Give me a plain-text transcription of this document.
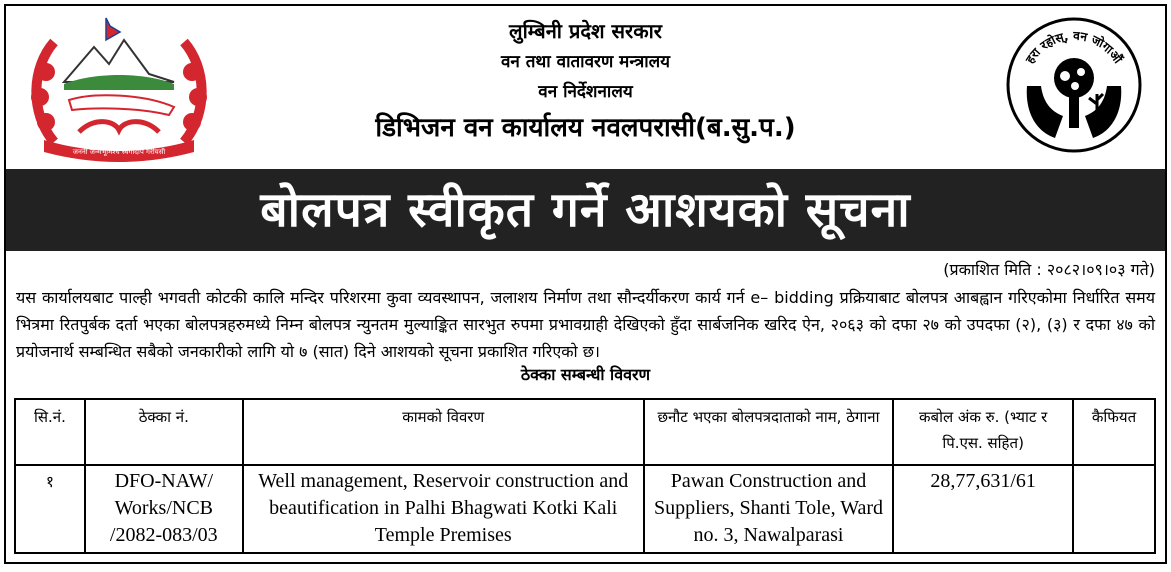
जननी जन्मभूमिश्च स्वर्गादपि गरीयसी
लुम्बिनी प्रदेश सरकार
वन तथा वातावरण मन्त्रालय
वन निर्देशनालय
डिभिजन वन कार्यालय नवलपरासी(ब.सु.प.)
हरा रहोस्, वन जोगाऔं
बोलपत्र स्वीकृत गर्ने आशयको सूचना
(प्रकाशित मिति : २०८२।०९।०३ गते)
यस कार्यालयबाट पाल्ही भगवती कोटकी कालि मन्दिर परिशरमा कुवा व्यवस्थापन, जलाशय निर्माण तथा सौन्दर्यीकरण कार्य गर्न e– bidding प्रक्रियाबाट बोलपत्र आबह्वान गरिएकोमा निर्धारित समय भित्रमा रितपुर्बक दर्ता भएका बोलपत्रहरुमध्ये निम्न बोलपत्र न्युनतम मुल्याङ्कित सारभुत रुपमा प्रभावग्राही देखिएको हुँदा सार्बजनिक खरिद ऐन, २०६३ को दफा २७ को उपदफा (२), (३) र दफा ४७ को प्रयोजनार्थ सम्बन्धित सबैको जनकारीको लागि यो ७ (सात) दिने आशयको सूचना प्रकाशित गरिएको छ।
ठेक्का सम्बन्धी विवरण
सि.नं.	ठेक्का नं.	कामको विवरण	छनौट भएका बोलपत्रदाताको नाम, ठेगाना	कबोल अंक रु. (भ्याट र पि.एस. सहित)	कैफियत
१	DFO-NAW/ Works/NCB /2082-083/03	Well management, Reservoir construction and beautification in Palhi Bhagwati Kotki Kali Temple Premises	Pawan Construction and Suppliers, Shanti Tole, Ward no. 3, Nawalparasi	28,77,631/61	
